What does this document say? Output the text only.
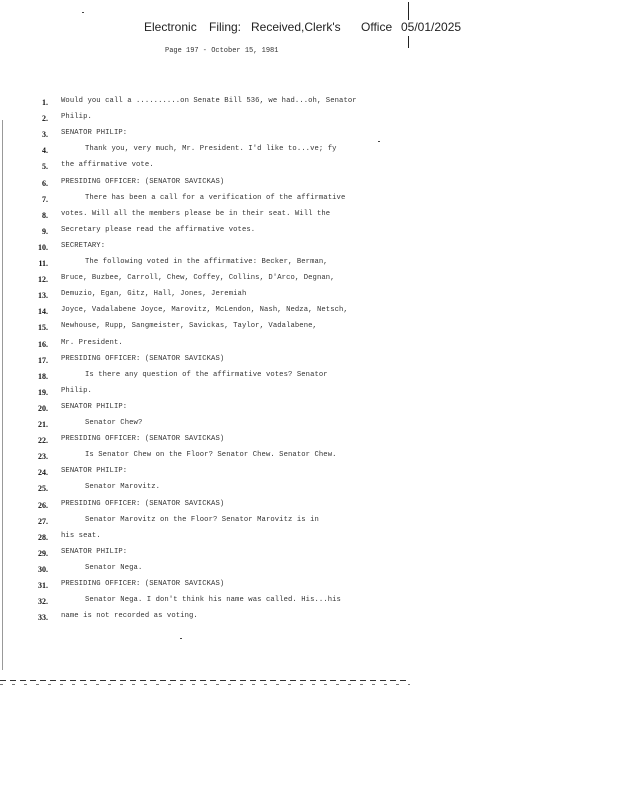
Electronic Filing: Received,Clerk's Office 05/01/2025
Page 197 - October 15, 1981
1. Would you call a ..........on Senate Bill 536, we had...oh, Senator
2. Philip.
3. SENATOR PHILIP:
4.	Thank you, very much, Mr. President. I'd like to...ve; fy
5. the affirmative vote.
6. PRESIDING OFFICER: (SENATOR SAVICKAS)
7.	There has been a call for a verification of the affirmative
8. votes. Will all the members please be in their seat. Will the
9. Secretary please read the affirmative votes.
10. SECRETARY:
11.	The following voted in the affirmative: Becker, Berman,
12. Bruce, Buzbee, Carroll, Chew, Coffey, Collins, D'Arco, Degnan,
13. Demuzio, Egan, Gitz, Hall, Jones, Jeremiah
14. Joyce, Vadalabene Joyce, Marovitz, McLendon, Nash, Nedza, Netsch,
15. Newhouse, Rupp, Sangmeister, Savickas, Taylor, Vadalabene,
16. Mr. President.
17. PRESIDING OFFICER: (SENATOR SAVICKAS)
18.	Is there any question of the affirmative votes? Senator
19. Philip.
20. SENATOR PHILIP:
21.	Senator Chew?
22. PRESIDING OFFICER: (SENATOR SAVICKAS)
23.	Is Senator Chew on the Floor? Senator Chew. Senator Chew.
24. SENATOR PHILIP:
25.	Senator Marovitz.
26. PRESIDING OFFICER: (SENATOR SAVICKAS)
27.	Senator Marovitz on the Floor? Senator Marovitz is in
28. his seat.
29. SENATOR PHILIP:
30.	Senator Nega.
31. PRESIDING OFFICER: (SENATOR SAVICKAS)
32.	Senator Nega. I don't think his name was called. His...his
33. name is not recorded as voting.
